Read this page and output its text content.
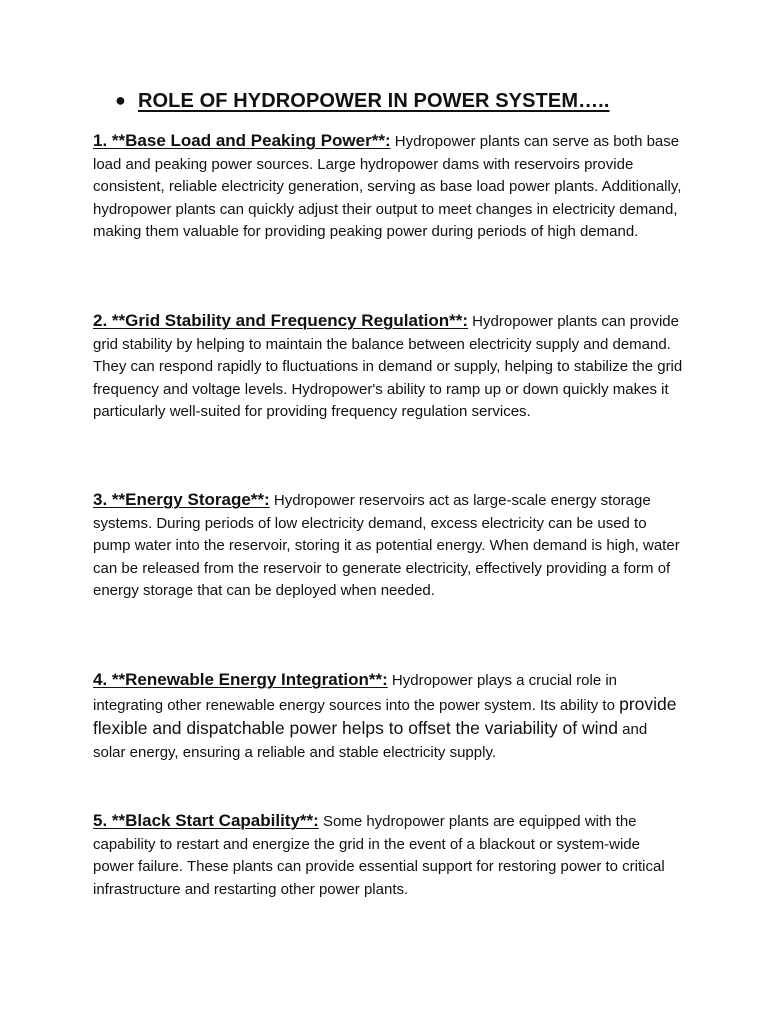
● ROLE OF HYDROPOWER IN POWER SYSTEM…..
1. **Base Load and Peaking Power**: Hydropower plants can serve as both base load and peaking power sources. Large hydropower dams with reservoirs provide consistent, reliable electricity generation, serving as base load power plants. Additionally, hydropower plants can quickly adjust their output to meet changes in electricity demand, making them valuable for providing peaking power during periods of high demand.
2. **Grid Stability and Frequency Regulation**: Hydropower plants can provide grid stability by helping to maintain the balance between electricity supply and demand. They can respond rapidly to fluctuations in demand or supply, helping to stabilize the grid frequency and voltage levels. Hydropower's ability to ramp up or down quickly makes it particularly well-suited for providing frequency regulation services.
3. **Energy Storage**: Hydropower reservoirs act as large-scale energy storage systems. During periods of low electricity demand, excess electricity can be used to pump water into the reservoir, storing it as potential energy. When demand is high, water can be released from the reservoir to generate electricity, effectively providing a form of energy storage that can be deployed when needed.
4. **Renewable Energy Integration**: Hydropower plays a crucial role in integrating other renewable energy sources into the power system. Its ability to provide flexible and dispatchable power helps to offset the variability of wind and solar energy, ensuring a reliable and stable electricity supply.
5. **Black Start Capability**: Some hydropower plants are equipped with the capability to restart and energize the grid in the event of a blackout or system-wide power failure. These plants can provide essential support for restoring power to critical infrastructure and restarting other power plants.
